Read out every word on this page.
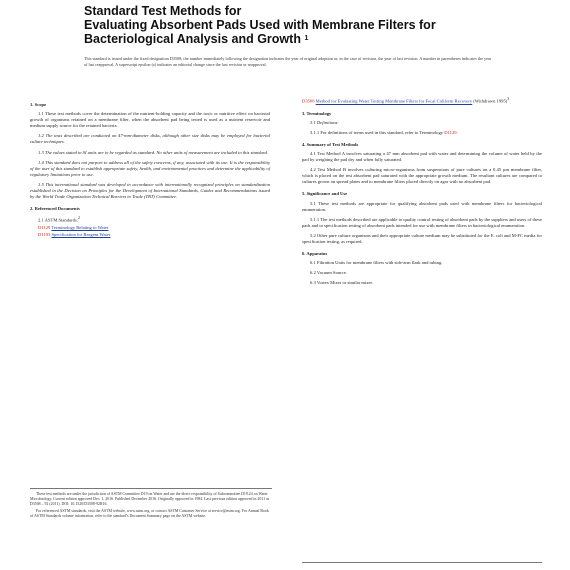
Standard Test Methods for
Evaluating Absorbent Pads Used with Membrane Filters for
Bacteriological Analysis and Growth $^1$
This standard is issued under the fixed designation D3508; the number immediately following the designation indicates the year of original adoption or, in the case of revision, the year of last revision. A number in parentheses indicates the year of last reapproval. A superscript epsilon (ε) indicates an editorial change since the last revision or reapproval.
1. Scope

1.1 These test methods cover the determination of the nutrient-holding capacity and the toxic or nutritive effect on bacterial growth of organisms retained on a membrane filter, when the absorbent pad being tested is used as a nutrient reservoir and medium supply source for the retained bacteria.

1.2 The tests described are conducted on 47-mm-diameter disks, although other size disks may be employed for bacterial culture techniques.

1.3 The values stated in SI units are to be regarded as standard. No other units of measurement are included in this standard.

1.4 This standard does not purport to address all of the safety concerns, if any, associated with its use. It is the responsibility of the user of this standard to establish appropriate safety, health, and environmental practices and determine the applicability of regulatory limitations prior to use.

1.5 This international standard was developed in accordance with internationally recognized principles on standardization established in the Decision on Principles for the Development of International Standards, Guides and Recommendations issued by the World Trade Organization Technical Barriers to Trade (TBT) Committee.

2. Referenced Documents
2.1 ASTM Standards:$^2$
D1129 Terminology Relating to Water
D1193 Specification for Reagent Water
D3508 Method for Evaluating Water Testing Membrane Filters for Fecal Coliform Recovery (Withdrawn 1995)$^3$
3. Terminology

3.1 Definitions:

3.1.1 For definitions of terms used in this standard, refer to Terminology D1129.

4. Summary of Test Methods

4.1 Test Method A involves saturating a 47 mm absorbent pad with water and determining the volume of water held by the pad by weighing the pad dry and when fully saturated.

4.2 Test Method B involves culturing micro-organisms from suspensions of pure cultures on a 0.45 µm membrane filter, which is placed on the test absorbent pad saturated with the appropriate growth medium. The resultant cultures are compared to cultures grown on spread plates and to membrane filters placed directly on agar with no absorbent pad.

5. Significance and Use

5.1 These test methods are appropriate for qualifying absorbent pads used with membrane filters for bacteriological enumeration.

5.1.1 The test methods described are applicable to quality control testing of absorbent pads by the suppliers and users of these pads and to specification testing of absorbent pads intended for use with membrane filters in bacteriological enumeration.

5.2 Other pure culture organisms and their appropriate culture medium may be substituted for the E. coli and M-FC media for specification testing, as required.

6. Apparatus

6.1 Filtration Units for membrane filters with side-arm flask and tubing.

6.2 Vacuum Source.

6.3 Vortex Mixer or similar mixer.

These test methods are under the jurisdiction of ASTM Committee D19 on Water and are the direct responsibility of Subcommittee D19.24 on Water Microbiology. Current edition approved Dec. 1, 2016. Published December 2016. Originally approved in 1984. Last previous edition approved in 2011 as D3508 – 92 (2011). DOI: 10.1520/D3508-92R16.

For referenced ASTM standards, visit the ASTM website, www.astm.org, or contact ASTM Customer Service at service@astm.org. For Annual Book of ASTM Standards volume information, refer to the standard's Document Summary page on the ASTM website.
